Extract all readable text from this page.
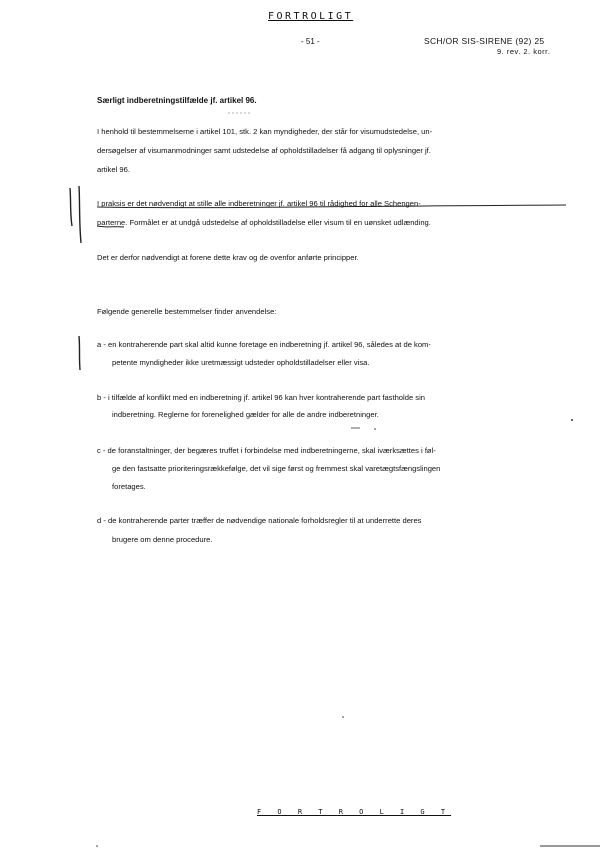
FORTROLIGT
- 51 -	SCH/OR SIS-SIRENE (92) 25
9. rev. 2. korr.
Særligt indberetningstilfælde jf. artikel 96.
I henhold til bestemmelserne i artikel 101, stk. 2 kan myndigheder, der står for visumudstedelse, un-
dersøgelser af visumanmodninger samt udstedelse af opholdstilladelser få adgang til oplysninger jf.
artikel 96.
I praksis er det nødvendigt at stille alle indberetninger jf. artikel 96 til rådighed for alle Schengen-
parterne. Formålet er at undgå udstedelse af opholdstilladelse eller visum til en uønsket udlænding.
Det er derfor nødvendigt at forene dette krav og de ovenfor anførte principper.
Følgende generelle bestemmelser finder anvendelse:
a - en kontraherende part skal altid kunne foretage en indberetning jf. artikel 96, således at de kom-
petente myndigheder ikke uretmæssigt udsteder opholdstilladelser eller visa.
b - i tilfælde af konflikt med en indberetning jf. artikel 96 kan hver kontraherende part fastholde sin
indberetning. Reglerne for forenelighed gælder for alle de andre indberetninger.
c - de foranstaltninger, der begæres truffet i forbindelse med indberetningerne, skal iværksættes i føl-
ge den fastsatte prioriteringsrækkefølge, det vil sige først og fremmest skal varetægtsfængslingen
foretages.
d - de kontraherende parter træffer de nødvendige nationale forholdsregler til at underrette deres
brugere om denne procedure.
F O R T R O L I G T
